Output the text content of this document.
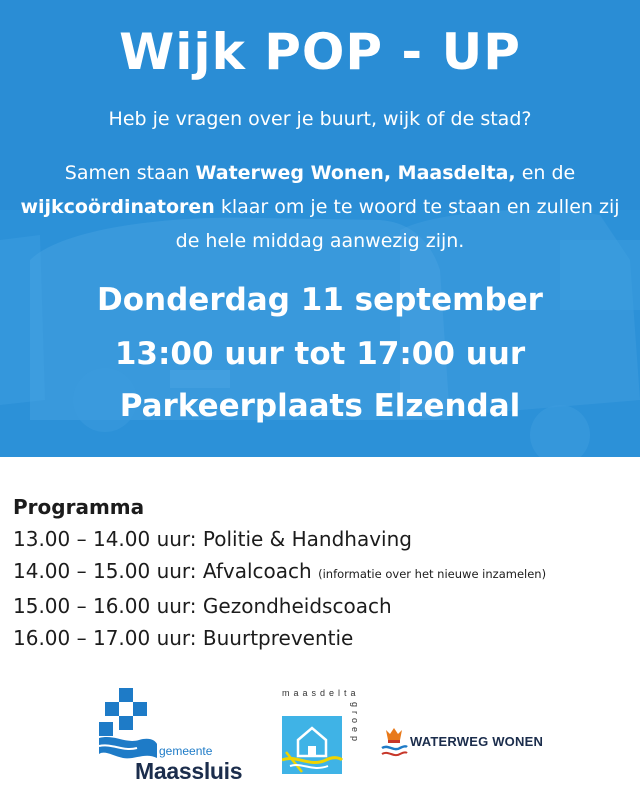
Wijk POP - UP
Heb je vragen over je buurt, wijk of de stad?
Samen staan Waterweg Wonen, Maasdelta, en de
wijkcoördinatoren klaar om je te woord te staan en zullen zij de hele middag aanwezig zijn.
Donderdag 11 september
13:00 uur tot 17:00 uur
Parkeerplaats Elzendal
Programma
13.00 – 14.00 uur: Politie & Handhaving
14.00 – 15.00 uur: Afvalcoach (informatie over het nieuwe inzamelen)
15.00 – 16.00 uur: Gezondheidscoach
16.00 – 17.00 uur: Buurtpreventie
gemeente
Maassluis
maasdelta
groep	WATERWEG WONEN
